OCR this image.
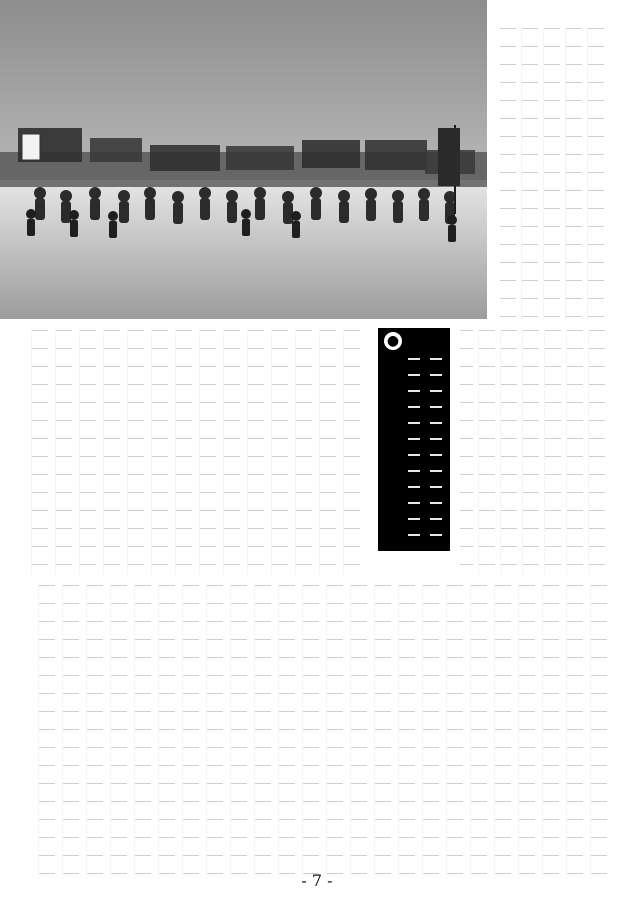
●
- 7 -
